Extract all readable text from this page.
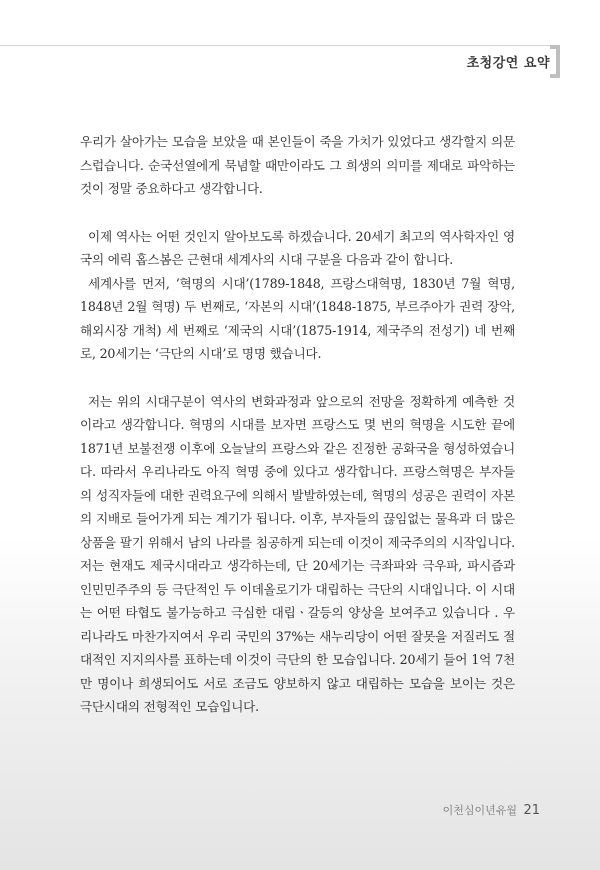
초청강연 요약

우리가 살아가는 모습을 보았을 때 본인들이 죽을 가치가 있었다고 생각할지 의문스럽습니다. 순국선열에게 묵념할 때만이라도 그 희생의 의미를 제대로 파악하는 것이 정말 중요하다고 생각합니다.

이제 역사는 어떤 것인지 알아보도록 하겠습니다. 20세기 최고의 역사학자인 영국의 에릭 홉스봄은 근현대 세계사의 시대 구분을 다음과 같이 합니다.

세계사를 먼저, ‘혁명의 시대’(1789-1848, 프랑스대혁명, 1830년 7월 혁명, 1848년 2월 혁명) 두 번째로, ‘자본의 시대’(1848-1875, 부르주아가 권력 장악, 해외시장 개척) 세 번째로 ‘제국의 시대’(1875-1914, 제국주의 전성기) 네 번째로, 20세기는 ‘극단의 시대’로 명명 했습니다.

저는 위의 시대구분이 역사의 변화과정과 앞으로의 전망을 정확하게 예측한 것이라고 생각합니다. 혁명의 시대를 보자면 프랑스도 몇 번의 혁명을 시도한 끝에 1871년 보불전쟁 이후에 오늘날의 프랑스와 같은 진정한 공화국을 형성하였습니다. 따라서 우리나라도 아직 혁명 중에 있다고 생각합니다. 프랑스혁명은 부자들의 성직자들에 대한 권력요구에 의해서 발발하였는데, 혁명의 성공은 권력이 자본의 지배로 들어가게 되는 계기가 됩니다. 이후, 부자들의 끊임없는 물욕과 더 많은 상품을 팔기 위해서 남의 나라를 침공하게 되는데 이것이 제국주의의 시작입니다. 저는 현재도 제국시대라고 생각하는데, 단 20세기는 극좌파와 극우파, 파시즘과 인민민주주의 등 극단적인 두 이데올로기가 대립하는 극단의 시대입니다. 이 시대는 어떤 타협도 불가능하고 극심한 대립ㆍ갈등의 양상을 보여주고 있습니다 . 우리나라도 마찬가지여서 우리 국민의 37%는 새누리당이 어떤 잘못을 저질러도 절대적인 지지의사를 표하는데 이것이 극단의 한 모습입니다. 20세기 들어 1억 7천만 명이나 희생되어도 서로 조금도 양보하지 않고 대립하는 모습을 보이는 것은 극단시대의 전형적인 모습입니다.

이천심이년유월 21
